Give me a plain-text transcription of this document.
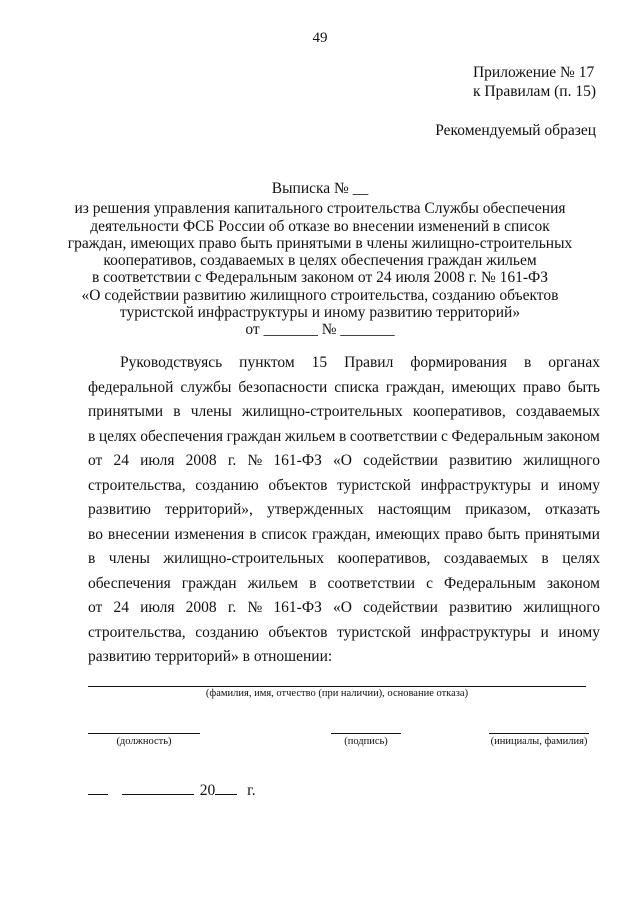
49
Приложение № 17
к Правилам (п. 15)
Рекомендуемый образец
Выписка № __
из решения управления капитального строительства Службы обеспечения
деятельности ФСБ России об отказе во внесении изменений в список
граждан, имеющих право быть принятыми в члены жилищно-строительных
кооперативов, создаваемых в целях обеспечения граждан жильем
в соответствии с Федеральным законом от 24 июля 2008 г. № 161-ФЗ
«О содействии развитию жилищного строительства, созданию объектов
туристской инфраструктуры и иному развитию территорий»
от _______ № _______
Руководствуясь пунктом 15 Правил формирования в органах
федеральной службы безопасности списка граждан, имеющих право быть
принятыми в члены жилищно-строительных кооперативов, создаваемых
в целях обеспечения граждан жильем в соответствии с Федеральным законом
от 24 июля 2008 г. № 161-ФЗ «О содействии развитию жилищного
строительства, созданию объектов туристской инфраструктуры и иному
развитию территорий», утвержденных настоящим приказом, отказать
во внесении изменения в список граждан, имеющих право быть принятыми
в члены жилищно-строительных кооперативов, создаваемых в целях
обеспечения граждан жильем в соответствии с Федеральным законом
от 24 июля 2008 г. № 161-ФЗ «О содействии развитию жилищного
строительства, созданию объектов туристской инфраструктуры и иному
развитию территорий» в отношении:
(фамилия, имя, отчество (при наличии), основание отказа)
(должность)	(подпись)	(инициалы, фамилия)
20 г.
